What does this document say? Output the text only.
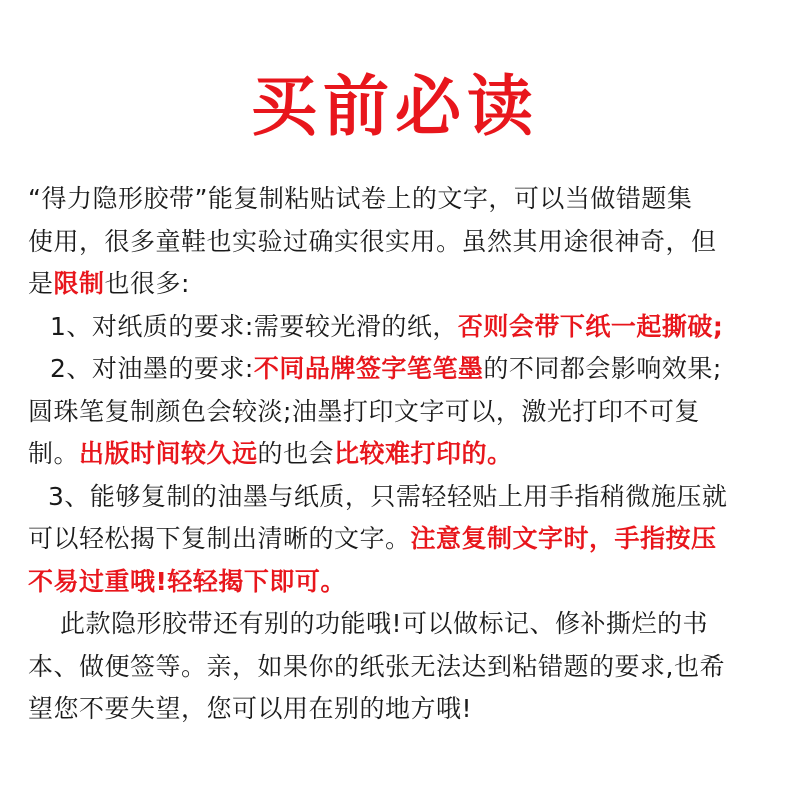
买前必读
“得力隐形胶带”能复制粘贴试卷上的文字，可以当做错题集
使用，很多童鞋也实验过确实很实用。虽然其用途很神奇，但
是限制也很多:
1、对纸质的要求:需要较光滑的纸，否则会带下纸一起撕破;
2、对油墨的要求:不同品牌签字笔笔墨的不同都会影响效果;
圆珠笔复制颜色会较淡;油墨打印文字可以，激光打印不可复
制。出版时间较久远的也会比较难打印的。
3、能够复制的油墨与纸质，只需轻轻贴上用手指稍微施压就
可以轻松揭下复制出清晰的文字。注意复制文字时，手指按压
不易过重哦!轻轻揭下即可。
此款隐形胶带还有别的功能哦!可以做标记、修补撕烂的书
本、做便签等。亲，如果你的纸张无法达到粘错题的要求,也希
望您不要失望，您可以用在别的地方哦!
